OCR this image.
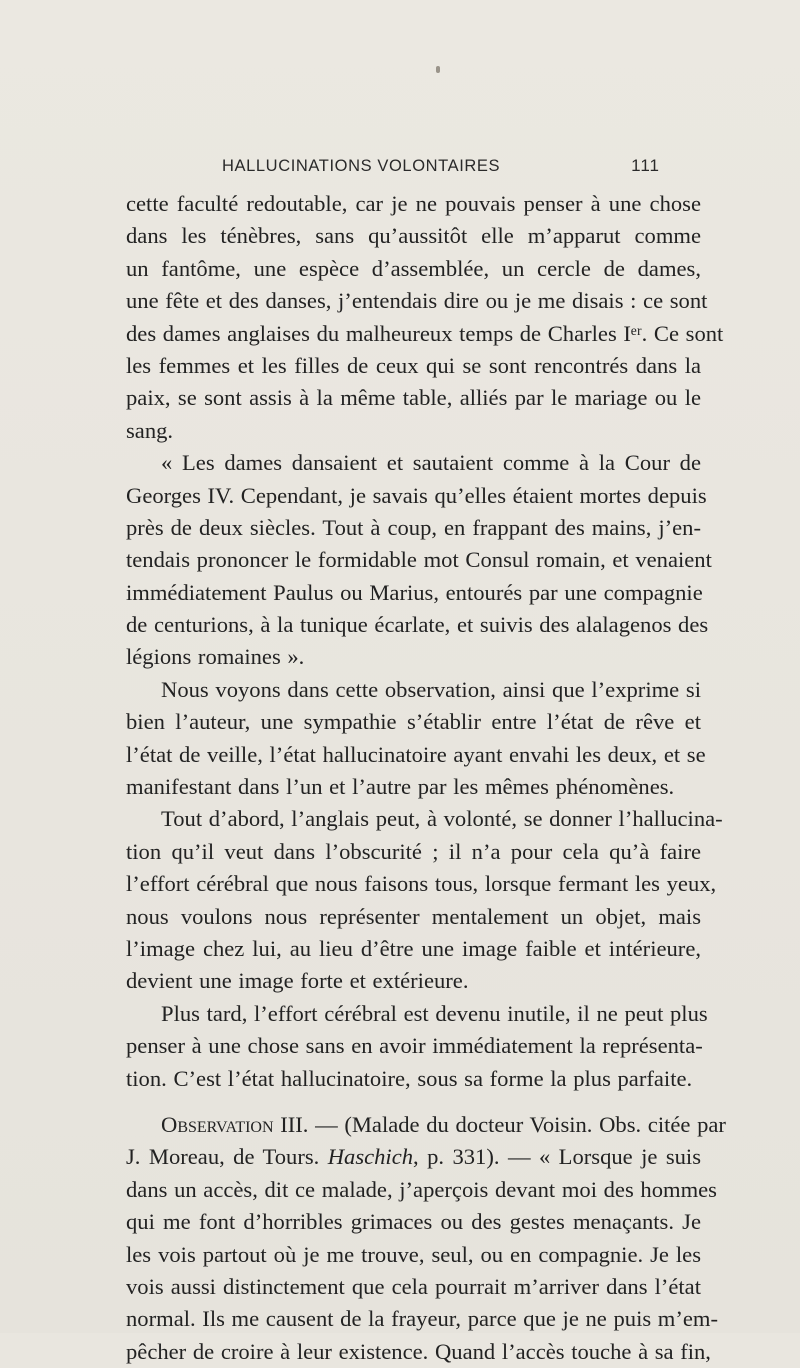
HALLUCINATIONS VOLONTAIRES	111
cette faculté redoutable, car je ne pouvais penser à une chose
dans les ténèbres, sans qu’aussitôt elle m’apparut comme
un fantôme, une espèce d’assemblée, un cercle de dames,
une fête et des danses, j’entendais dire ou je me disais : ce sont
des dames anglaises du malheureux temps de Charles Iᵉʳ. Ce sont
les femmes et les filles de ceux qui se sont rencontrés dans la
paix, se sont assis à la même table, alliés par le mariage ou le
sang.
« Les dames dansaient et sautaient comme à la Cour de
Georges IV. Cependant, je savais qu’elles étaient mortes depuis
près de deux siècles. Tout à coup, en frappant des mains, j’en-
tendais prononcer le formidable mot Consul romain, et venaient
immédiatement Paulus ou Marius, entourés par une compagnie
de centurions, à la tunique écarlate, et suivis des alalagenos des
légions romaines ».
Nous voyons dans cette observation, ainsi que l’exprime si
bien l’auteur, une sympathie s’établir entre l’état de rêve et
l’état de veille, l’état hallucinatoire ayant envahi les deux, et se
manifestant dans l’un et l’autre par les mêmes phénomènes.
Tout d’abord, l’anglais peut, à volonté, se donner l’hallucina-
tion qu’il veut dans l’obscurité ; il n’a pour cela qu’à faire
l’effort cérébral que nous faisons tous, lorsque fermant les yeux,
nous voulons nous représenter mentalement un objet, mais
l’image chez lui, au lieu d’être une image faible et intérieure,
devient une image forte et extérieure.
Plus tard, l’effort cérébral est devenu inutile, il ne peut plus
penser à une chose sans en avoir immédiatement la représenta-
tion. C’est l’état hallucinatoire, sous sa forme la plus parfaite.
Observation III. — (Malade du docteur Voisin. Obs. citée par
J. Moreau, de Tours. Haschich, p. 331). — « Lorsque je suis
dans un accès, dit ce malade, j’aperçois devant moi des hommes
qui me font d’horribles grimaces ou des gestes menaçants. Je
les vois partout où je me trouve, seul, ou en compagnie. Je les
vois aussi distinctement que cela pourrait m’arriver dans l’état
normal. Ils me causent de la frayeur, parce que je ne puis m’em-
pêcher de croire à leur existence. Quand l’accès touche à sa fin,
